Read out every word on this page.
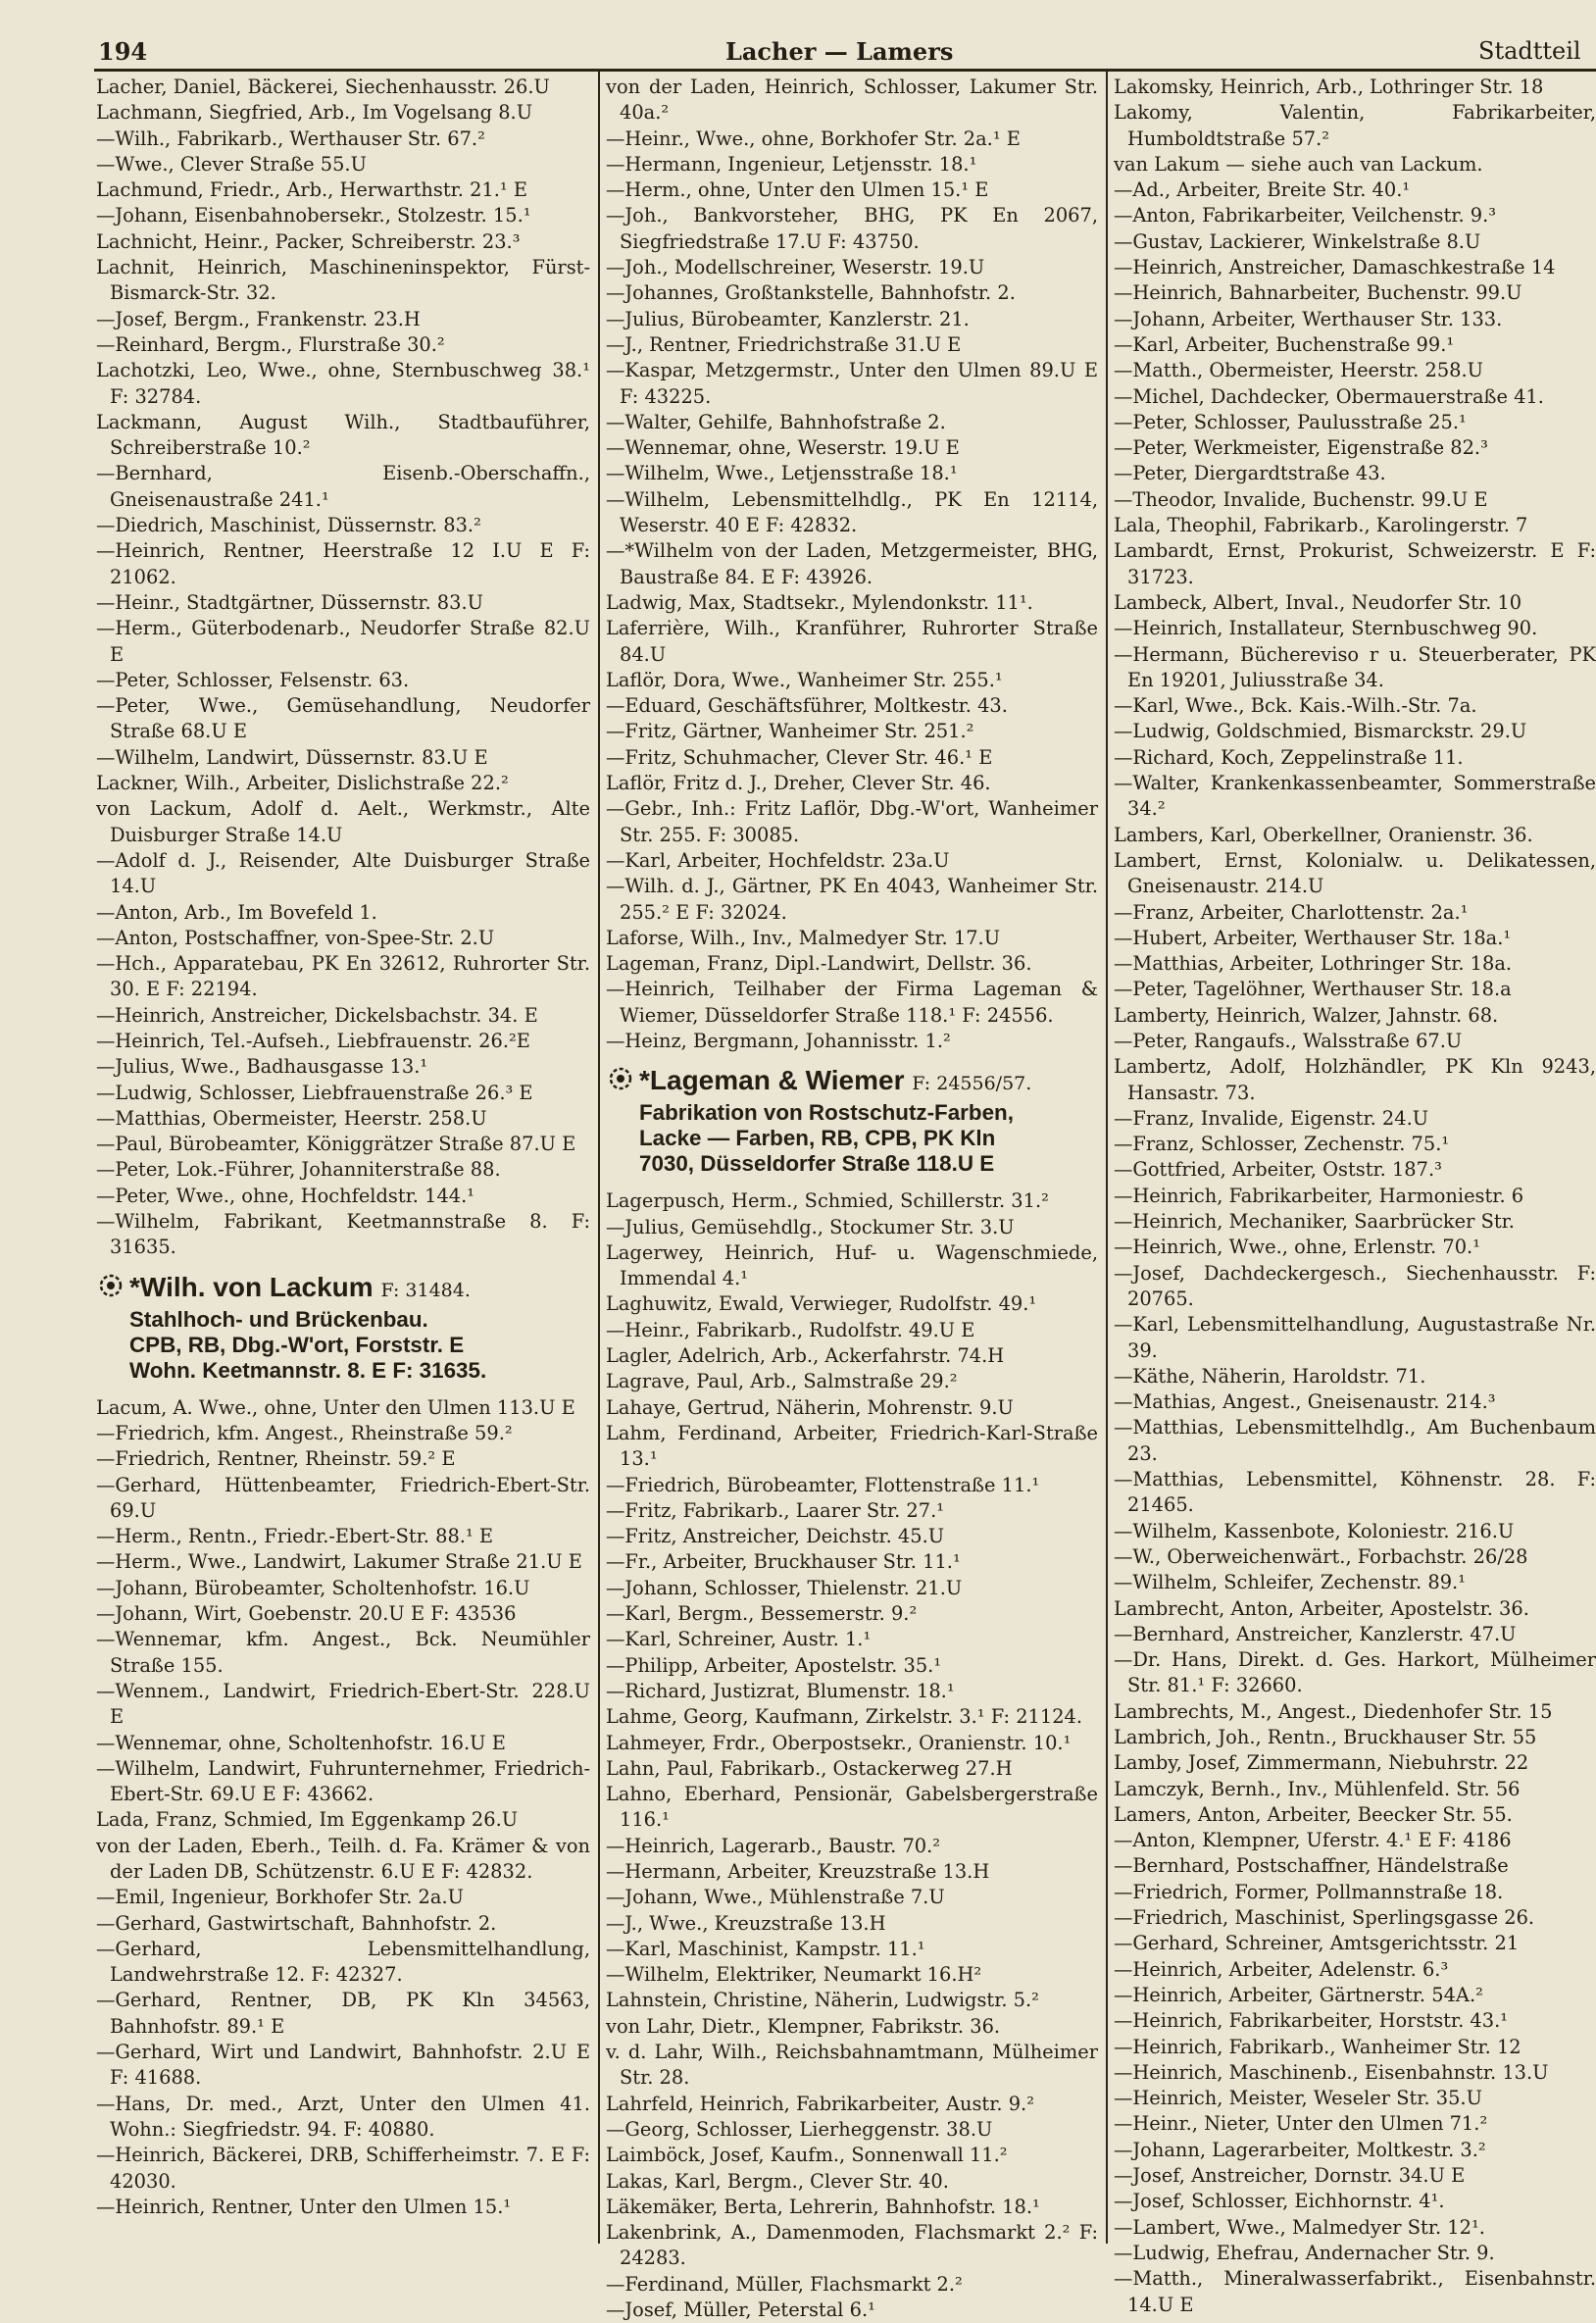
194	Lacher — Lamers	Stadtteil
Lacher, Daniel, Bäckerei, Siechenhausstr. 26.U
Lachmann, Siegfried, Arb., Im Vogelsang 8.U
—Wilh., Fabrikarb., Werthauser Str. 67.²
—Wwe., Clever Straße 55.U
Lachmund, Friedr., Arb., Herwarthstr. 21.¹ E
—Johann, Eisenbahnobersekr., Stolzestr. 15.¹
Lachnicht, Heinr., Packer, Schreiberstr. 23.³
Lachnit, Heinrich, Maschineninspektor, Fürst-Bismarck-Str. 32.
—Josef, Bergm., Frankenstr. 23.H
—Reinhard, Bergm., Flurstraße 30.²
Lachotzki, Leo, Wwe., ohne, Sternbuschweg 38.¹ F: 32784.
Lackmann, August Wilh., Stadtbauführer, Schreiberstraße 10.²
—Bernhard, Eisenb.-Oberschaffn., Gneisenaustraße 241.¹
—Diedrich, Maschinist, Düssernstr. 83.²
—Heinrich, Rentner, Heerstraße 12 I.U E F: 21062.
—Heinr., Stadtgärtner, Düssernstr. 83.U
—Herm., Güterbodenarb., Neudorfer Straße 82.U E
—Peter, Schlosser, Felsenstr. 63.
—Peter, Wwe., Gemüsehandlung, Neudorfer Straße 68.U E
—Wilhelm, Landwirt, Düssernstr. 83.U E
Lackner, Wilh., Arbeiter, Dislichstraße 22.²
von Lackum, Adolf d. Aelt., Werkmstr., Alte Duisburger Straße 14.U
—Adolf d. J., Reisender, Alte Duisburger Straße 14.U
—Anton, Arb., Im Bovefeld 1.
—Anton, Postschaffner, von-Spee-Str. 2.U
—Hch., Apparatebau, PK En 32612, Ruhrorter Str. 30. E F: 22194.
—Heinrich, Anstreicher, Dickelsbachstr. 34. E
—Heinrich, Tel.-Aufseh., Liebfrauenstr. 26.²E
—Julius, Wwe., Badhausgasse 13.¹
—Ludwig, Schlosser, Liebfrauenstraße 26.³ E
—Matthias, Obermeister, Heerstr. 258.U
—Paul, Bürobeamter, Königgrätzer Straße 87.U E
—Peter, Lok.-Führer, Johanniterstraße 88.
—Peter, Wwe., ohne, Hochfeldstr. 144.¹
—Wilhelm, Fabrikant, Keetmannstraße 8. F: 31635.
*Wilh. von Lackum F: 31484.
Stahlhoch- und Brückenbau.
CPB, RB, Dbg.-W'ort, Forststr. E
Wohn. Keetmannstr. 8. E F: 31635.
Lacum, A. Wwe., ohne, Unter den Ulmen 113.U E
—Friedrich, kfm. Angest., Rheinstraße 59.²
—Friedrich, Rentner, Rheinstr. 59.² E
—Gerhard, Hüttenbeamter, Friedrich-Ebert-Str. 69.U
—Herm., Rentn., Friedr.-Ebert-Str. 88.¹ E
—Herm., Wwe., Landwirt, Lakumer Straße 21.U E
—Johann, Bürobeamter, Scholtenhofstr. 16.U
—Johann, Wirt, Goebenstr. 20.U E F: 43536
—Wennemar, kfm. Angest., Bck. Neumühler Straße 155.
—Wennem., Landwirt, Friedrich-Ebert-Str. 228.U E
—Wennemar, ohne, Scholtenhofstr. 16.U E
—Wilhelm, Landwirt, Fuhrunternehmer, Friedrich-Ebert-Str. 69.U E F: 43662.
Lada, Franz, Schmied, Im Eggenkamp 26.U
von der Laden, Eberh., Teilh. d. Fa. Krämer & von der Laden DB, Schützenstr. 6.U E F: 42832.
—Emil, Ingenieur, Borkhofer Str. 2a.U
—Gerhard, Gastwirtschaft, Bahnhofstr. 2.
—Gerhard, Lebensmittelhandlung, Landwehrstraße 12. F: 42327.
—Gerhard, Rentner, DB, PK Kln 34563, Bahnhofstr. 89.¹ E
—Gerhard, Wirt und Landwirt, Bahnhofstr. 2.U E F: 41688.
—Hans, Dr. med., Arzt, Unter den Ulmen 41. Wohn.: Siegfriedstr. 94. F: 40880.
—Heinrich, Bäckerei, DRB, Schifferheimstr. 7. E F: 42030.
—Heinrich, Rentner, Unter den Ulmen 15.¹
von der Laden, Heinrich, Schlosser, Lakumer Str. 40a.²
—Heinr., Wwe., ohne, Borkhofer Str. 2a.¹ E
—Hermann, Ingenieur, Letjensstr. 18.¹
—Herm., ohne, Unter den Ulmen 15.¹ E
—Joh., Bankvorsteher, BHG, PK En 2067, Siegfriedstraße 17.U F: 43750.
—Joh., Modellschreiner, Weserstr. 19.U
—Johannes, Großtankstelle, Bahnhofstr. 2.
—Julius, Bürobeamter, Kanzlerstr. 21.
—J., Rentner, Friedrichstraße 31.U E
—Kaspar, Metzgermstr., Unter den Ulmen 89.U E F: 43225.
—Walter, Gehilfe, Bahnhofstraße 2.
—Wennemar, ohne, Weserstr. 19.U E
—Wilhelm, Wwe., Letjensstraße 18.¹
—Wilhelm, Lebensmittelhdlg., PK En 12114, Weserstr. 40 E F: 42832.
—*Wilhelm von der Laden, Metzgermeister, BHG, Baustraße 84. E F: 43926.
Ladwig, Max, Stadtsekr., Mylendonkstr. 11¹.
Laferrière, Wilh., Kranführer, Ruhrorter Straße 84.U
Laflör, Dora, Wwe., Wanheimer Str. 255.¹
—Eduard, Geschäftsführer, Moltkestr. 43.
—Fritz, Gärtner, Wanheimer Str. 251.²
—Fritz, Schuhmacher, Clever Str. 46.¹ E
Laflör, Fritz d. J., Dreher, Clever Str. 46.
—Gebr., Inh.: Fritz Laflör, Dbg.-W'ort, Wanheimer Str. 255. F: 30085.
—Karl, Arbeiter, Hochfeldstr. 23a.U
—Wilh. d. J., Gärtner, PK En 4043, Wanheimer Str. 255.² E F: 32024.
Laforse, Wilh., Inv., Malmedyer Str. 17.U
Lageman, Franz, Dipl.-Landwirt, Dellstr. 36.
—Heinrich, Teilhaber der Firma Lageman & Wiemer, Düsseldorfer Straße 118.¹ F: 24556.
—Heinz, Bergmann, Johannisstr. 1.²
*Lageman & Wiemer F: 24556/57.
Fabrikation von Rostschutz-Farben,
Lacke — Farben, RB, CPB, PK Kln
7030, Düsseldorfer Straße 118.U E
Lagerpusch, Herm., Schmied, Schillerstr. 31.²
—Julius, Gemüsehdlg., Stockumer Str. 3.U
Lagerwey, Heinrich, Huf- u. Wagenschmiede, Immendal 4.¹
Laghuwitz, Ewald, Verwieger, Rudolfstr. 49.¹
—Heinr., Fabrikarb., Rudolfstr. 49.U E
Lagler, Adelrich, Arb., Ackerfahrstr. 74.H
Lagrave, Paul, Arb., Salmstraße 29.²
Lahaye, Gertrud, Näherin, Mohrenstr. 9.U
Lahm, Ferdinand, Arbeiter, Friedrich-Karl-Straße 13.¹
—Friedrich, Bürobeamter, Flottenstraße 11.¹
—Fritz, Fabrikarb., Laarer Str. 27.¹
—Fritz, Anstreicher, Deichstr. 45.U
—Fr., Arbeiter, Bruckhauser Str. 11.¹
—Johann, Schlosser, Thielenstr. 21.U
—Karl, Bergm., Bessemerstr. 9.²
—Karl, Schreiner, Austr. 1.¹
—Philipp, Arbeiter, Apostelstr. 35.¹
—Richard, Justizrat, Blumenstr. 18.¹
Lahme, Georg, Kaufmann, Zirkelstr. 3.¹ F: 21124.
Lahmeyer, Frdr., Oberpostsekr., Oranienstr. 10.¹
Lahn, Paul, Fabrikarb., Ostackerweg 27.H
Lahno, Eberhard, Pensionär, Gabelsbergerstraße 116.¹
—Heinrich, Lagerarb., Baustr. 70.²
—Hermann, Arbeiter, Kreuzstraße 13.H
—Johann, Wwe., Mühlenstraße 7.U
—J., Wwe., Kreuzstraße 13.H
—Karl, Maschinist, Kampstr. 11.¹
—Wilhelm, Elektriker, Neumarkt 16.H²
Lahnstein, Christine, Näherin, Ludwigstr. 5.²
von Lahr, Dietr., Klempner, Fabrikstr. 36.
v. d. Lahr, Wilh., Reichsbahnamtmann, Mülheimer Str. 28.
Lahrfeld, Heinrich, Fabrikarbeiter, Austr. 9.²
—Georg, Schlosser, Lierheggenstr. 38.U
Laimböck, Josef, Kaufm., Sonnenwall 11.²
Lakas, Karl, Bergm., Clever Str. 40.
Läkemäker, Berta, Lehrerin, Bahnhofstr. 18.¹
Lakenbrink, A., Damenmoden, Flachsmarkt 2.² F: 24283.
—Ferdinand, Müller, Flachsmarkt 2.²
—Josef, Müller, Peterstal 6.¹
Lakomsky, Heinrich, Arb., Lothringer Str. 18
Lakomy, Valentin, Fabrikarbeiter, Humboldtstraße 57.²
van Lakum — siehe auch van Lackum.
—Ad., Arbeiter, Breite Str. 40.¹
—Anton, Fabrikarbeiter, Veilchenstr. 9.³
—Gustav, Lackierer, Winkelstraße 8.U
—Heinrich, Anstreicher, Damaschkestraße 14
—Heinrich, Bahnarbeiter, Buchenstr. 99.U
—Johann, Arbeiter, Werthauser Str. 133.
—Karl, Arbeiter, Buchenstraße 99.¹
—Matth., Obermeister, Heerstr. 258.U
—Michel, Dachdecker, Obermauerstraße 41.
—Peter, Schlosser, Paulusstraße 25.¹
—Peter, Werkmeister, Eigenstraße 82.³
—Peter, Diergardtstraße 43.
—Theodor, Invalide, Buchenstr. 99.U E
Lala, Theophil, Fabrikarb., Karolingerstr. 7
Lambardt, Ernst, Prokurist, Schweizerstr. E F: 31723.
Lambeck, Albert, Inval., Neudorfer Str. 10
—Heinrich, Installateur, Sternbuschweg 90.
—Hermann, Büchereviso r u. Steuerberater, PK En 19201, Juliusstraße 34.
—Karl, Wwe., Bck. Kais.-Wilh.-Str. 7a.
—Ludwig, Goldschmied, Bismarckstr. 29.U
—Richard, Koch, Zeppelinstraße 11.
—Walter, Krankenkassenbeamter, Sommerstraße 34.²
Lambers, Karl, Oberkellner, Oranienstr. 36.
Lambert, Ernst, Kolonialw. u. Delikatessen, Gneisenaustr. 214.U
—Franz, Arbeiter, Charlottenstr. 2a.¹
—Hubert, Arbeiter, Werthauser Str. 18a.¹
—Matthias, Arbeiter, Lothringer Str. 18a.
—Peter, Tagelöhner, Werthauser Str. 18.a
Lamberty, Heinrich, Walzer, Jahnstr. 68.
—Peter, Rangaufs., Walsstraße 67.U
Lambertz, Adolf, Holzhändler, PK Kln 9243, Hansastr. 73.
—Franz, Invalide, Eigenstr. 24.U
—Franz, Schlosser, Zechenstr. 75.¹
—Gottfried, Arbeiter, Oststr. 187.³
—Heinrich, Fabrikarbeiter, Harmoniestr. 6
—Heinrich, Mechaniker, Saarbrücker Str.
—Heinrich, Wwe., ohne, Erlenstr. 70.¹
—Josef, Dachdeckergesch., Siechenhausstr. F: 20765.
—Karl, Lebensmittelhandlung, Augustastraße Nr. 39.
—Käthe, Näherin, Haroldstr. 71.
—Mathias, Angest., Gneisenaustr. 214.³
—Matthias, Lebensmittelhdlg., Am Buchenbaum 23.
—Matthias, Lebensmittel, Köhnenstr. 28. F: 21465.
—Wilhelm, Kassenbote, Koloniestr. 216.U
—W., Oberweichenwärt., Forbachstr. 26/28
—Wilhelm, Schleifer, Zechenstr. 89.¹
Lambrecht, Anton, Arbeiter, Apostelstr. 36.
—Bernhard, Anstreicher, Kanzlerstr. 47.U
—Dr. Hans, Direkt. d. Ges. Harkort, Mülheimer Str. 81.¹ F: 32660.
Lambrechts, M., Angest., Diedenhofer Str. 15
Lambrich, Joh., Rentn., Bruckhauser Str. 55
Lamby, Josef, Zimmermann, Niebuhrstr. 22
Lamczyk, Bernh., Inv., Mühlenfeld. Str. 56
Lamers, Anton, Arbeiter, Beecker Str. 55.
—Anton, Klempner, Uferstr. 4.¹ E F: 4186
—Bernhard, Postschaffner, Händelstraße
—Friedrich, Former, Pollmannstraße 18.
—Friedrich, Maschinist, Sperlingsgasse 26.
—Gerhard, Schreiner, Amtsgerichtsstr. 21
—Heinrich, Arbeiter, Adelenstr. 6.³
—Heinrich, Arbeiter, Gärtnerstr. 54A.²
—Heinrich, Fabrikarbeiter, Horststr. 43.¹
—Heinrich, Fabrikarb., Wanheimer Str. 12
—Heinrich, Maschinenb., Eisenbahnstr. 13.U
—Heinrich, Meister, Weseler Str. 35.U
—Heinr., Nieter, Unter den Ulmen 71.²
—Johann, Lagerarbeiter, Moltkestr. 3.²
—Josef, Anstreicher, Dornstr. 34.U E
—Josef, Schlosser, Eichhornstr. 4¹.
—Lambert, Wwe., Malmedyer Str. 12¹.
—Ludwig, Ehefrau, Andernacher Str. 9.
—Matth., Mineralwasserfabrikt., Eisenbahnstr. 14.U E
